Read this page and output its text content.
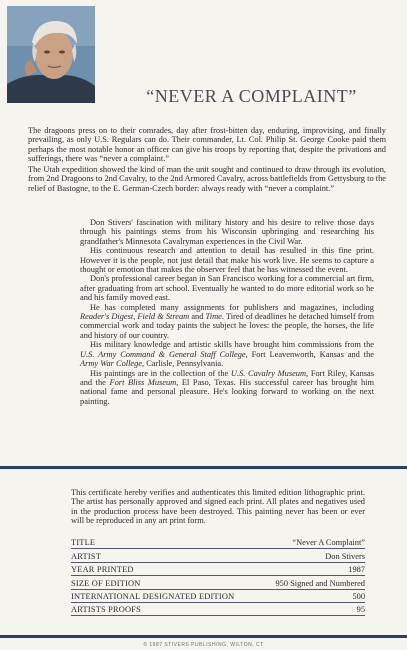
“NEVER A COMPLAINT”

The dragoons press on to their comrades, day after frost-bitten day, enduring, improvising, and finally prevailing, as only U.S. Regulars can do. Their commander, Lt. Col. Philip St. George Cooke paid them perhaps the most notable honor an officer can give his troops by reporting that, despite the privations and sufferings, there was “never a complaint.”

The Utah expedition showed the kind of man the unit sought and continued to draw through its evolution, from 2nd Dragoons to 2nd Cavalry, to the 2nd Armored Cavalry, across battlefields from Gettysburg to the relief of Bastogne, to the E. German-Czech border: always ready with “never a complaint.”

Don Stivers' fascination with military history and his desire to relive those days through his paintings stems from his Wisconsin upbringing and researching his grandfather's Minnesota Cavalryman experiences in the Civil War.

His continuous research and attention to detail has resulted in this fine print. However it is the people, not just detail that make his work live. He seems to capture a thought or emotion that makes the observer feel that he has witnessed the event.

Don's professional career began in San Francisco working for a commercial art firm, after graduating from art school. Eventually he wanted to do more editorial work so he and his family moved east.

He has completed many assignments for publishers and magazines, including Reader's Digest, Field & Stream and Time. Tired of deadlines he detached himself from commercial work and today paints the subject he loves: the people, the horses, the life and history of our country.

His military knowledge and artistic skills have brought him commissions from the U.S. Army Command & General Staff College, Fort Leavenworth, Kansas and the Army War College, Carlisle, Pennsylvania.

His paintings are in the collection of the U.S. Cavalry Museum, Fort Riley, Kansas and the Fort Bliss Museum, El Paso, Texas. His successful career has brought him national fame and personal pleasure. He's looking forward to working on the next painting.

This certificate hereby verifies and authenticates this limited edition lithographic print. The artist has personally approved and signed each print. All plates and negatives used in the production process have been destroyed. This painting never has been or ever will be reproduced in any art print form.

TITLE	“Never A Complaint”
ARTIST	Don Stivers
YEAR PRINTED	1987
SIZE OF EDITION	950 Signed and Numbered
INTERNATIONAL DESIGNATED EDITION	500
ARTISTS PROOFS	95
© 1987 STIVERS PUBLISHING, WILTON, CT
